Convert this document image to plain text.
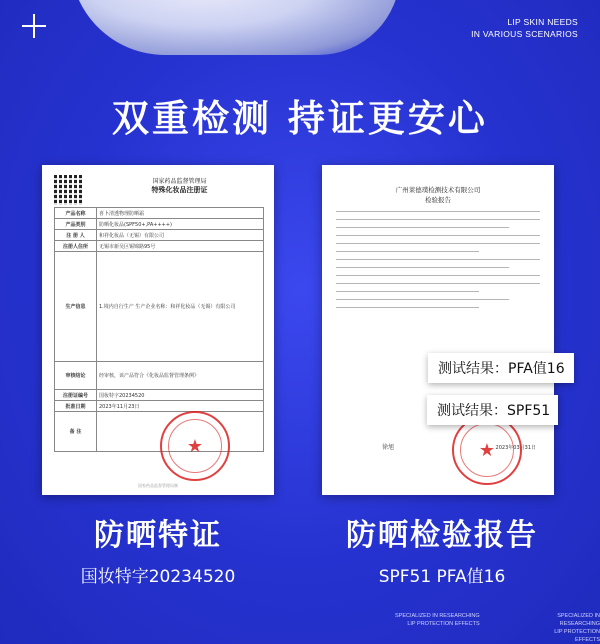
LIP SKIN NEEDS
IN VARIOUS SCENARIOS
双重检测 持证更安心
国家药品监督管理局
特殊化妆品注册证
产品名称	喜卜清透物理防晒霜
产品类别	防晒化妆品(SPF50+,PA++++)
注 册 人	和祥化妆品（无锡）有限公司
注册人住所	无锡市新吴区锡锦路95号
生产信息	1.境内自行生产 生产企业名称：和祥化妆品（无锡）有限公司
审核结论	经审核，该产品符合《化妆品监督管理条例》
注册证编号	国妆特字20234520
批准日期	2023年11月23日
备 注	
★
国家药品监督管理局制
广州莱德璞检测技术有限公司
检验报告
徐旭	2023年03月31日
★
测试结果：PFA值16
测试结果：SPF51
防晒特证	防晒检验报告
国妆特字20234520	SPF51 PFA值16
SPECIALIZED IN RESEARCHING
LIP PROTECTION EFFECTS
SPECIALIZED IN RESEARCHING
LIP PROTECTION EFFECTS
